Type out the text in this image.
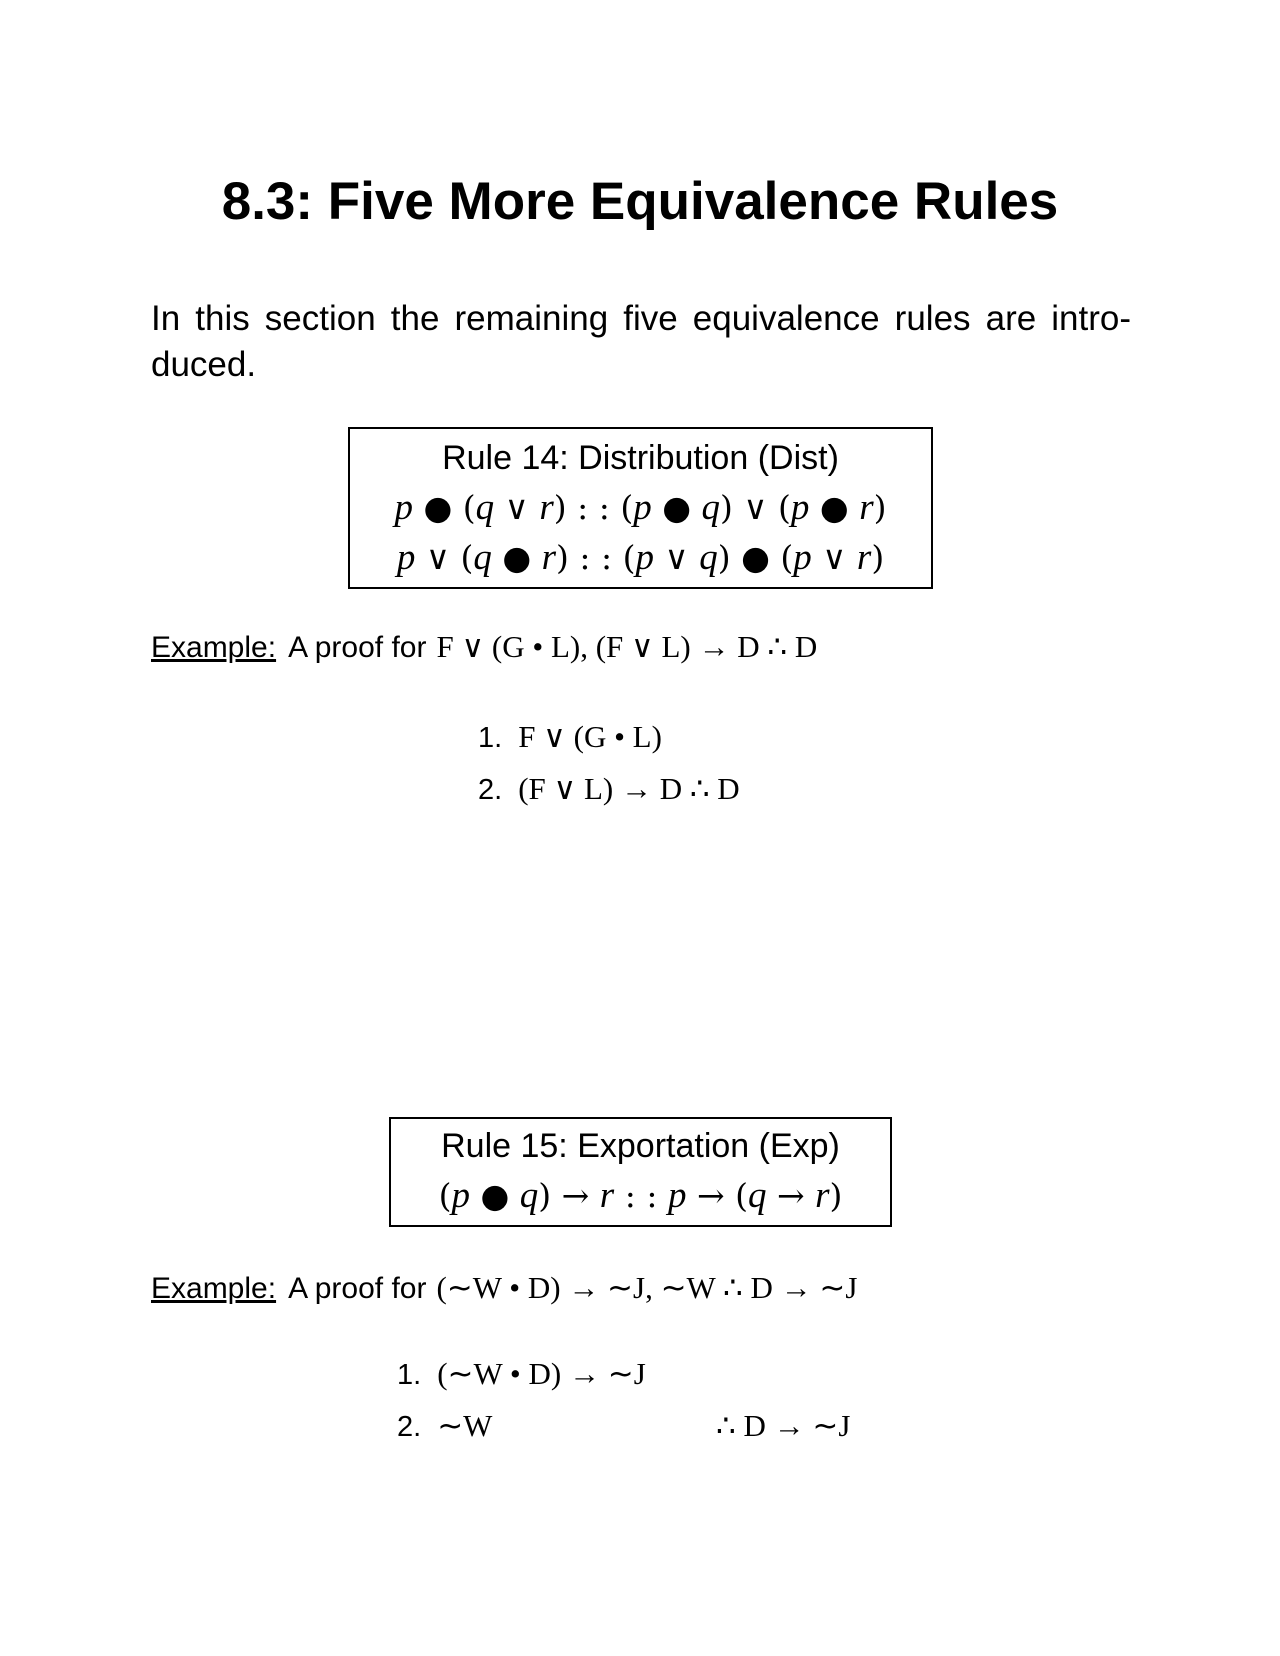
8.3: Five More Equivalence Rules

In this section the remaining five equivalence rules are intro-
duced.

Rule 14: Distribution (Dist)
p ● (q ∨ r) : : (p ● q) ∨ (p ● r)
p ∨ (q ● r) : : (p ∨ q) ● (p ∨ r)
Example: A proof for F ∨ (G • L), (F ∨ L) → D ∴ D
1. F ∨ (G • L)
2. (F ∨ L) → D ∴ D
Rule 15: Exportation (Exp)
(p ● q) → r : : p → (q → r)
Example: A proof for (∼W • D) → ∼J, ∼W ∴ D → ∼J
1. (∼W • D) → ∼J
2. ∼W	∴ D → ∼J
